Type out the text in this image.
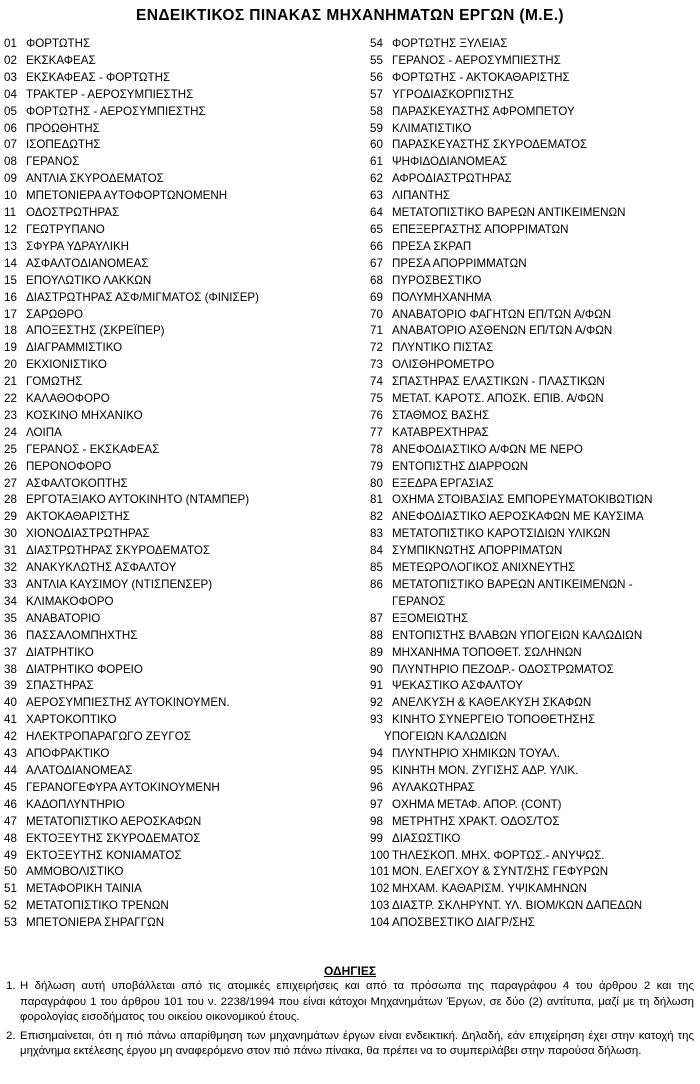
ΕΝΔΕΙΚΤΙΚΟΣ ΠΙΝΑΚΑΣ ΜΗΧΑΝΗΜΑΤΩΝ ΕΡΓΩΝ (Μ.Ε.)
01 ΦΟΡΤΩΤΗΣ
02 ΕΚΣΚΑΦΕΑΣ
03 ΕΚΣΚΑΦΕΑΣ - ΦΟΡΤΩΤΗΣ
04 ΤΡΑΚΤΕΡ - ΑΕΡΟΣΥΜΠΙΕΣΤΗΣ
05 ΦΟΡΤΩΤΗΣ - ΑΕΡΟΣΥΜΠΙΕΣΤΗΣ
06 ΠΡΟΩΘΗΤΗΣ
07 ΙΣΟΠΕΔΩΤΗΣ
08 ΓΕΡΑΝΟΣ
09 ΑΝΤΛΙΑ ΣΚΥΡΟΔΕΜΑΤΟΣ
10 ΜΠΕΤΟΝΙΕΡΑ ΑΥΤΟΦΟΡΤΩΝΟΜΕΝΗ
11 ΟΔΟΣΤΡΩΤΗΡΑΣ
12 ΓΕΩΤΡΥΠΑΝΟ
13 ΣΦΥΡΑ ΥΔΡΑΥΛΙΚΗ
14 ΑΣΦΑΛΤΟΔΙΑΝΟΜΕΑΣ
15 ΕΠΟΥΛΩΤΙΚΟ ΛΑΚΚΩΝ
16 ΔΙΑΣΤΡΩΤΗΡΑΣ ΑΣΦ/ΜΙΓΜΑΤΟΣ (ΦΙΝΙΣΕΡ)
17 ΣΑΡΩΘΡΟ
18 ΑΠΟΞΕΣΤΗΣ (ΣΚΡΕΪΠΕΡ)
19 ΔΙΑΓΡΑΜΜΙΣΤΙΚΟ
20 ΕΚΧΙΟΝΙΣΤΙΚΟ
21 ΓΟΜΩΤΗΣ
22 ΚΑΛΑΘΟΦΟΡΟ
23 ΚΟΣΚΙΝΟ ΜΗΧΑΝΙΚΟ
24 ΛΟΙΠΑ
25 ΓΕΡΑΝΟΣ - ΕΚΣΚΑΦΕΑΣ
26 ΠΕΡΟΝΟΦΟΡΟ
27 ΑΣΦΑΛΤΟΚΟΠΤΗΣ
28 ΕΡΓΟΤΑΞΙΑΚΟ ΑΥΤΟΚΙΝΗΤΟ (ΝΤΑΜΠΕΡ)
29 ΑΚΤΟΚΑΘΑΡΙΣΤΗΣ
30 ΧΙΟΝΟΔΙΑΣΤΡΩΤΗΡΑΣ
31 ΔΙΑΣΤΡΩΤΗΡΑΣ ΣΚΥΡΟΔΕΜΑΤΟΣ
32 ΑΝΑΚΥΚΛΩΤΗΣ ΑΣΦΑΛΤΟΥ
33 ΑΝΤΛΙΑ ΚΑΥΣΙΜΟΥ (ΝΤΙΣΠΕΝΣΕΡ)
34 ΚΛΙΜΑΚΟΦΟΡΟ
35 ΑΝΑΒΑΤΟΡΙΟ
36 ΠΑΣΣΑΛΟΜΠΗΧΤΗΣ
37 ΔΙΑΤΡΗΤΙΚΟ
38 ΔΙΑΤΡΗΤΙΚΟ ΦΟΡΕΙΟ
39 ΣΠΑΣΤΗΡΑΣ
40 ΑΕΡΟΣΥΜΠΙΕΣΤΗΣ ΑΥΤΟΚΙΝΟΥΜΕΝ.
41 ΧΑΡΤΟΚΟΠΤΙΚΟ
42 ΗΛΕΚΤΡΟΠΑΡΑΓΩΓΟ ΖΕΥΓΟΣ
43 ΑΠΟΦΡΑΚΤΙΚΟ
44 ΑΛΑΤΟΔΙΑΝΟΜΕΑΣ
45 ΓΕΡΑΝΟΓΕΦΥΡΑ ΑΥΤΟΚΙΝΟΥΜΕΝΗ
46 ΚΑΔΟΠΛΥΝΤΗΡΙΟ
47 ΜΕΤΑΤΟΠΙΣΤΙΚΟ ΑΕΡΟΣΚΑΦΩΝ
48 ΕΚΤΟΞΕΥΤΗΣ ΣΚΥΡΟΔΕΜΑΤΟΣ
49 ΕΚΤΟΞΕΥΤΗΣ ΚΟΝΙΑΜΑΤΟΣ
50 ΑΜΜΟΒΟΛΙΣΤΙΚΟ
51 ΜΕΤΑΦΟΡΙΚΗ ΤΑΙΝΙΑ
52 ΜΕΤΑΤΟΠΙΣΤΙΚΟ ΤΡΕΝΩΝ
53 ΜΠΕΤΟΝΙΕΡΑ ΣΗΡΑΓΓΩΝ
54 ΦΟΡΤΩΤΗΣ ΞΥΛΕΙΑΣ
55 ΓΕΡΑΝΟΣ - ΑΕΡΟΣΥΜΠΙΕΣΤΗΣ
56 ΦΟΡΤΩΤΗΣ - ΑΚΤΟΚΑΘΑΡΙΣΤΗΣ
57 ΥΓΡΟΔΙΑΣΚΟΡΠΙΣΤΗΣ
58 ΠΑΡΑΣΚΕΥΑΣΤΗΣ ΑΦΡΟΜΠΕΤΟΥ
59 ΚΛΙΜΑΤΙΣΤΙΚΟ
60 ΠΑΡΑΣΚΕΥΑΣΤΗΣ ΣΚΥΡΟΔΕΜΑΤΟΣ
61 ΨΗΦΙΔΟΔΙΑΝΟΜΕΑΣ
62 ΑΦΡΟΔΙΑΣΤΡΩΤΗΡΑΣ
63 ΛΙΠΑΝΤΗΣ
64 ΜΕΤΑΤΟΠΙΣΤΙΚΟ ΒΑΡΕΩΝ ΑΝΤΙΚΕΙΜΕΝΩΝ
65 ΕΠΕΞΕΡΓΑΣΤΗΣ ΑΠΟΡΡΙΜΑΤΩΝ
66 ΠΡΕΣΑ ΣΚΡΑΠ
67 ΠΡΕΣΑ ΑΠΟΡΡΙΜΜΑΤΩΝ
68 ΠΥΡΟΣΒΕΣΤΙΚΟ
69 ΠΟΛΥΜΗΧΑΝΗΜΑ
70 ΑΝΑΒΑΤΟΡΙΟ ΦΑΓΗΤΩΝ ΕΠ/ΤΩΝ Α/ΦΩΝ
71 ΑΝΑΒΑΤΟΡΙΟ ΑΣΘΕΝΩΝ ΕΠ/ΤΩΝ Α/ΦΩΝ
72 ΠΛΥΝΤΙΚΟ ΠΙΣΤΑΣ
73 ΟΛΙΣΘΗΡΟΜΕΤΡΟ
74 ΣΠΑΣΤΗΡΑΣ ΕΛΑΣΤΙΚΩΝ - ΠΛΑΣΤΙΚΩΝ
75 ΜΕΤΑΤ. ΚΑΡΟΤΣ. ΑΠΟΣΚ. ΕΠΙΒ. Α/ΦΩΝ
76 ΣΤΑΘΜΟΣ ΒΑΣΗΣ
77 ΚΑΤΑΒΡΕΧΤΗΡΑΣ
78 ΑΝΕΦΟΔΙΑΣΤΙΚΟ Α/ΦΩΝ ΜΕ ΝΕΡΟ
79 ΕΝΤΟΠΙΣΤΗΣ ΔΙΑΡΡΟΩΝ
80 ΕΞΕΔΡΑ ΕΡΓΑΣΙΑΣ
81 ΟΧΗΜΑ ΣΤΟΙΒΑΣΙΑΣ ΕΜΠΟΡΕΥΜΑΤΟΚΙΒΩΤΙΩΝ
82 ΑΝΕΦΟΔΙΑΣΤΙΚΟ ΑΕΡΟΣΚΑΦΩΝ ΜΕ ΚΑΥΣΙΜΑ
83 ΜΕΤΑΤΟΠΙΣΤΙΚΟ ΚΑΡΟΤΣΙΔΙΩΝ ΥΛΙΚΩΝ
84 ΣΥΜΠΙΚΝΩΤΗΣ ΑΠΟΡΡΙΜΑΤΩΝ
85 ΜΕΤΕΩΡΟΛΟΓΙΚΟΣ ΑΝΙΧΝΕΥΤΗΣ
86 ΜΕΤΑΤΟΠΙΣΤΙΚΟ ΒΑΡΕΩΝ ΑΝΤΙΚΕΙΜΕΝΩΝ -
ΓΕΡΑΝΟΣ
87 ΕΞΟΜΕΙΩΤΗΣ
88 ΕΝΤΟΠΙΣΤΗΣ ΒΛΑΒΩΝ ΥΠΟΓΕΙΩΝ ΚΑΛΩΔΙΩΝ
89 ΜΗΧΑΝΗΜΑ ΤΟΠΟΘΕΤ. ΣΩΛΗΝΩΝ
90 ΠΛΥΝΤΗΡΙΟ ΠΕΖΟΔΡ.- ΟΔΟΣΤΡΩΜΑΤΟΣ
91 ΨΕΚΑΣΤΙΚΟ ΑΣΦΑΛΤΟΥ
92 ΑΝΕΛΚΥΣΗ & ΚΑΘΕΛΚΥΣΗ ΣΚΑΦΩΝ
93 ΚΙΝΗΤΟ ΣΥΝΕΡΓΕΙΟ ΤΟΠΟΘΕΤΗΣΗΣ
ΥΠΟΓΕΙΩΝ ΚΑΛΩΔΙΩΝ
94 ΠΛΥΝΤΗΡΙΟ ΧΗΜΙΚΩΝ ΤΟΥΑΛ.
95 ΚΙΝΗΤΗ ΜΟΝ. ΖΥΓΙΣΗΣ ΑΔΡ. ΥΛΙΚ.
96 ΑΥΛΑΚΩΤΗΡΑΣ
97 ΟΧΗΜΑ ΜΕΤΑΦ. ΑΠΟΡ. (CONT)
98 ΜΕΤΡΗΤΗΣ ΧΡΑΚΤ. ΟΔΟΣ/ΤΟΣ
99 ΔΙΑΣΩΣΤΙΚΟ
100 ΤΗΛΕΣΚΟΠ. ΜΗΧ. ΦΟΡΤΩΣ.- ΑΝΥΨΩΣ.
101 ΜΟΝ. ΕΛΕΓΧΟΥ & ΣΥΝΤ/ΣΗΣ ΓΕΦΥΡΩΝ
102 ΜΗΧΑΜ. ΚΑΘΑΡΙΣΜ. ΥΨΙΚΑΜΗΝΩΝ
103 ΔΙΑΣΤΡ. ΣΚΛΗΡΥΝΤ. ΥΛ. ΒΙΟΜ/ΚΩΝ ΔΑΠΕΔΩΝ
104 ΑΠΟΣΒΕΣΤΙΚΟ ΔΙΑΓΡ/ΣΗΣ
ΟΔΗΓΙΕΣ
1. Η δήλωση αυτή υποβάλλεται από τις ατομικές επιχειρήσεις και από τα πρόσωπα της παραγράφου 4 του άρθρου 2 και της παραγράφου 1 του άρθρου 101 του ν. 2238/1994 που είναι κάτοχοι Μηχανημάτων Έργων, σε δύο (2) αντίτυπα, μαζί με τη δήλωση φορολογίας εισοδήματος του οικείου οικονομικού έτους.
2. Επισημαίνεται, ότι η πιό πάνω απαρίθμηση των μηχανημάτων έργων είναι ενδεικτική. Δηλαδή, εάν επιχείρηση έχει στην κατοχή της μηχάνημα εκτέλεσης έργου μη αναφερόμενο στον πιό πάνω πίνακα, θα πρέπει να το συμπεριλάβει στην παρούσα δήλωση.
